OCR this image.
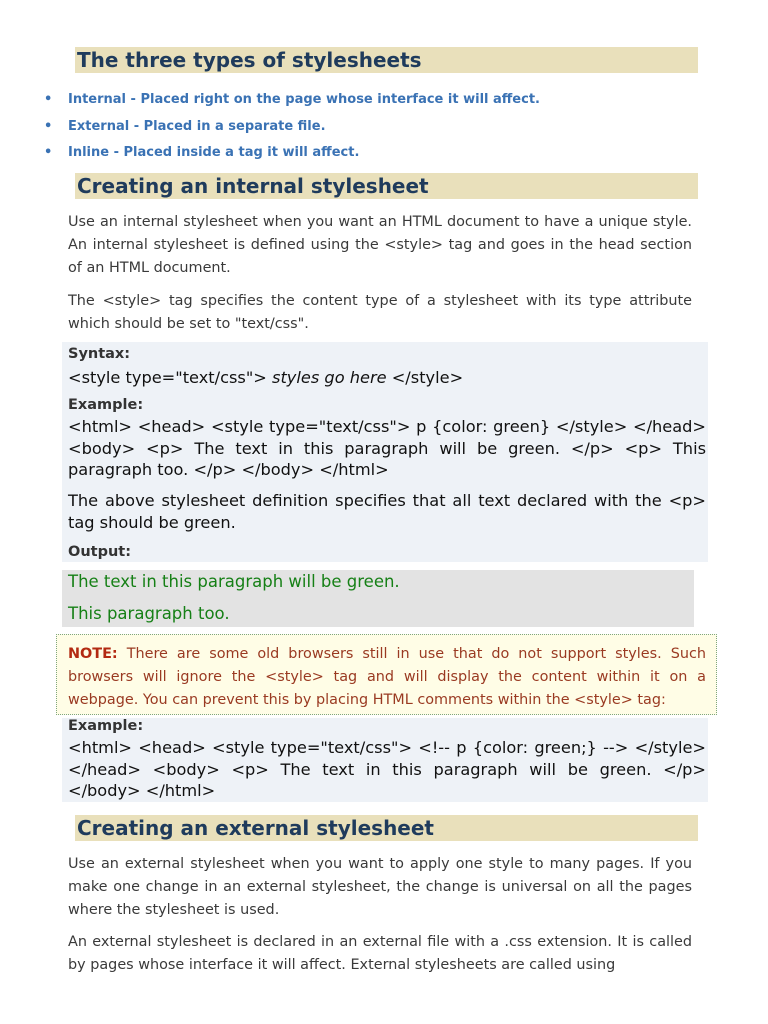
The three types of stylesheets
• Internal - Placed right on the page whose interface it will affect.
• External - Placed in a separate file.
• Inline - Placed inside a tag it will affect.
Creating an internal stylesheet

Use an internal stylesheet when you want an HTML document to have a unique style. An internal stylesheet is defined using the <style> tag and goes in the head section of an HTML document.

The <style> tag specifies the content type of a stylesheet with its type attribute which should be set to "text/css".

Syntax:

<style type="text/css"> styles go here </style>

Example:

<html> <head> <style type="text/css"> p {color: green} </style> </head> <body> <p> The text in this paragraph will be green. </p> <p> This paragraph too. </p> </body> </html>

The above stylesheet definition specifies that all text declared with the <p> tag should be green.

Output:

The text in this paragraph will be green.

This paragraph too.

NOTE: There are some old browsers still in use that do not support styles. Such browsers will ignore the <style> tag and will display the content within it on a webpage. You can prevent this by placing HTML comments within the <style> tag:

Example:

<html> <head> <style type="text/css"> <!-- p {color: green;} --> </style> </head> <body> <p> The text in this paragraph will be green. </p> </body> </html>

Creating an external stylesheet

Use an external stylesheet when you want to apply one style to many pages. If you make one change in an external stylesheet, the change is universal on all the pages where the stylesheet is used.

An external stylesheet is declared in an external file with a .css extension. It is called by pages whose interface it will affect. External stylesheets are called using
